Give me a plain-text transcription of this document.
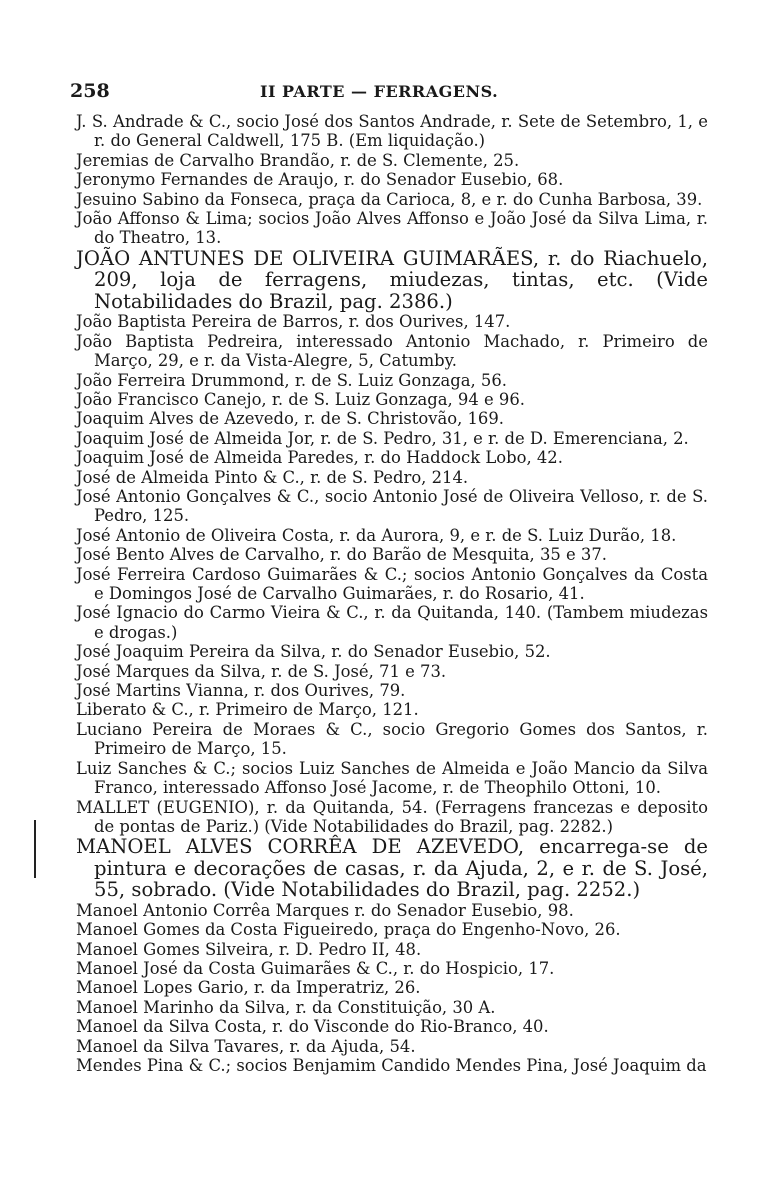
258	II PARTE — FERRAGENS.
J. S. Andrade & C., socio José dos Santos Andrade, r. Sete de Setembro, 1, e r. do General Caldwell, 175 B. (Em liquidação.)
Jeremias de Carvalho Brandão, r. de S. Clemente, 25.
Jeronymo Fernandes de Araujo, r. do Senador Eusebio, 68.
Jesuino Sabino da Fonseca, praça da Carioca, 8, e r. do Cunha Barbosa, 39.
João Affonso & Lima; socios João Alves Affonso e João José da Silva Lima, r. do Theatro, 13.
JOÃO ANTUNES DE OLIVEIRA GUIMARÃES, r. do Riachuelo, 209, loja de ferragens, miudezas, tintas, etc. (Vide Notabilidades do Brazil, pag. 2386.)
João Baptista Pereira de Barros, r. dos Ourives, 147.
João Baptista Pedreira, interessado Antonio Machado, r. Primeiro de Março, 29, e r. da Vista-Alegre, 5, Catumby.
João Ferreira Drummond, r. de S. Luiz Gonzaga, 56.
João Francisco Canejo, r. de S. Luiz Gonzaga, 94 e 96.
Joaquim Alves de Azevedo, r. de S. Christovão, 169.
Joaquim José de Almeida Jor, r. de S. Pedro, 31, e r. de D. Emerenciana, 2.
Joaquim José de Almeida Paredes, r. do Haddock Lobo, 42.
José de Almeida Pinto & C., r. de S. Pedro, 214.
José Antonio Gonçalves & C., socio Antonio José de Oliveira Velloso, r. de S. Pedro, 125.
José Antonio de Oliveira Costa, r. da Aurora, 9, e r. de S. Luiz Durão, 18.
José Bento Alves de Carvalho, r. do Barão de Mesquita, 35 e 37.
José Ferreira Cardoso Guimarães & C.; socios Antonio Gonçalves da Costa e Domingos José de Carvalho Guimarães, r. do Rosario, 41.
José Ignacio do Carmo Vieira & C., r. da Quitanda, 140. (Tambem miudezas e drogas.)
José Joaquim Pereira da Silva, r. do Senador Eusebio, 52.
José Marques da Silva, r. de S. José, 71 e 73.
José Martins Vianna, r. dos Ourives, 79.
Liberato & C., r. Primeiro de Março, 121.
Luciano Pereira de Moraes & C., socio Gregorio Gomes dos Santos, r. Primeiro de Março, 15.
Luiz Sanches & C.; socios Luiz Sanches de Almeida e João Mancio da Silva Franco, interessado Affonso José Jacome, r. de Theophilo Ottoni, 10.
MALLET (EUGENIO), r. da Quitanda, 54. (Ferragens francezas e deposito de pontas de Pariz.) (Vide Notabilidades do Brazil, pag. 2282.)
MANOEL ALVES CORRÊA DE AZEVEDO, encarrega-se de pintura e decorações de casas, r. da Ajuda, 2, e r. de S. José, 55, sobrado. (Vide Notabilidades do Brazil, pag. 2252.)
Manoel Antonio Corrêa Marques r. do Senador Eusebio, 98.
Manoel Gomes da Costa Figueiredo, praça do Engenho-Novo, 26.
Manoel Gomes Silveira, r. D. Pedro II, 48.
Manoel José da Costa Guimarães & C., r. do Hospicio, 17.
Manoel Lopes Gario, r. da Imperatriz, 26.
Manoel Marinho da Silva, r. da Constituição, 30 A.
Manoel da Silva Costa, r. do Visconde do Rio-Branco, 40.
Manoel da Silva Tavares, r. da Ajuda, 54.
Mendes Pina & C.; socios Benjamim Candido Mendes Pina, José Joaquim da
